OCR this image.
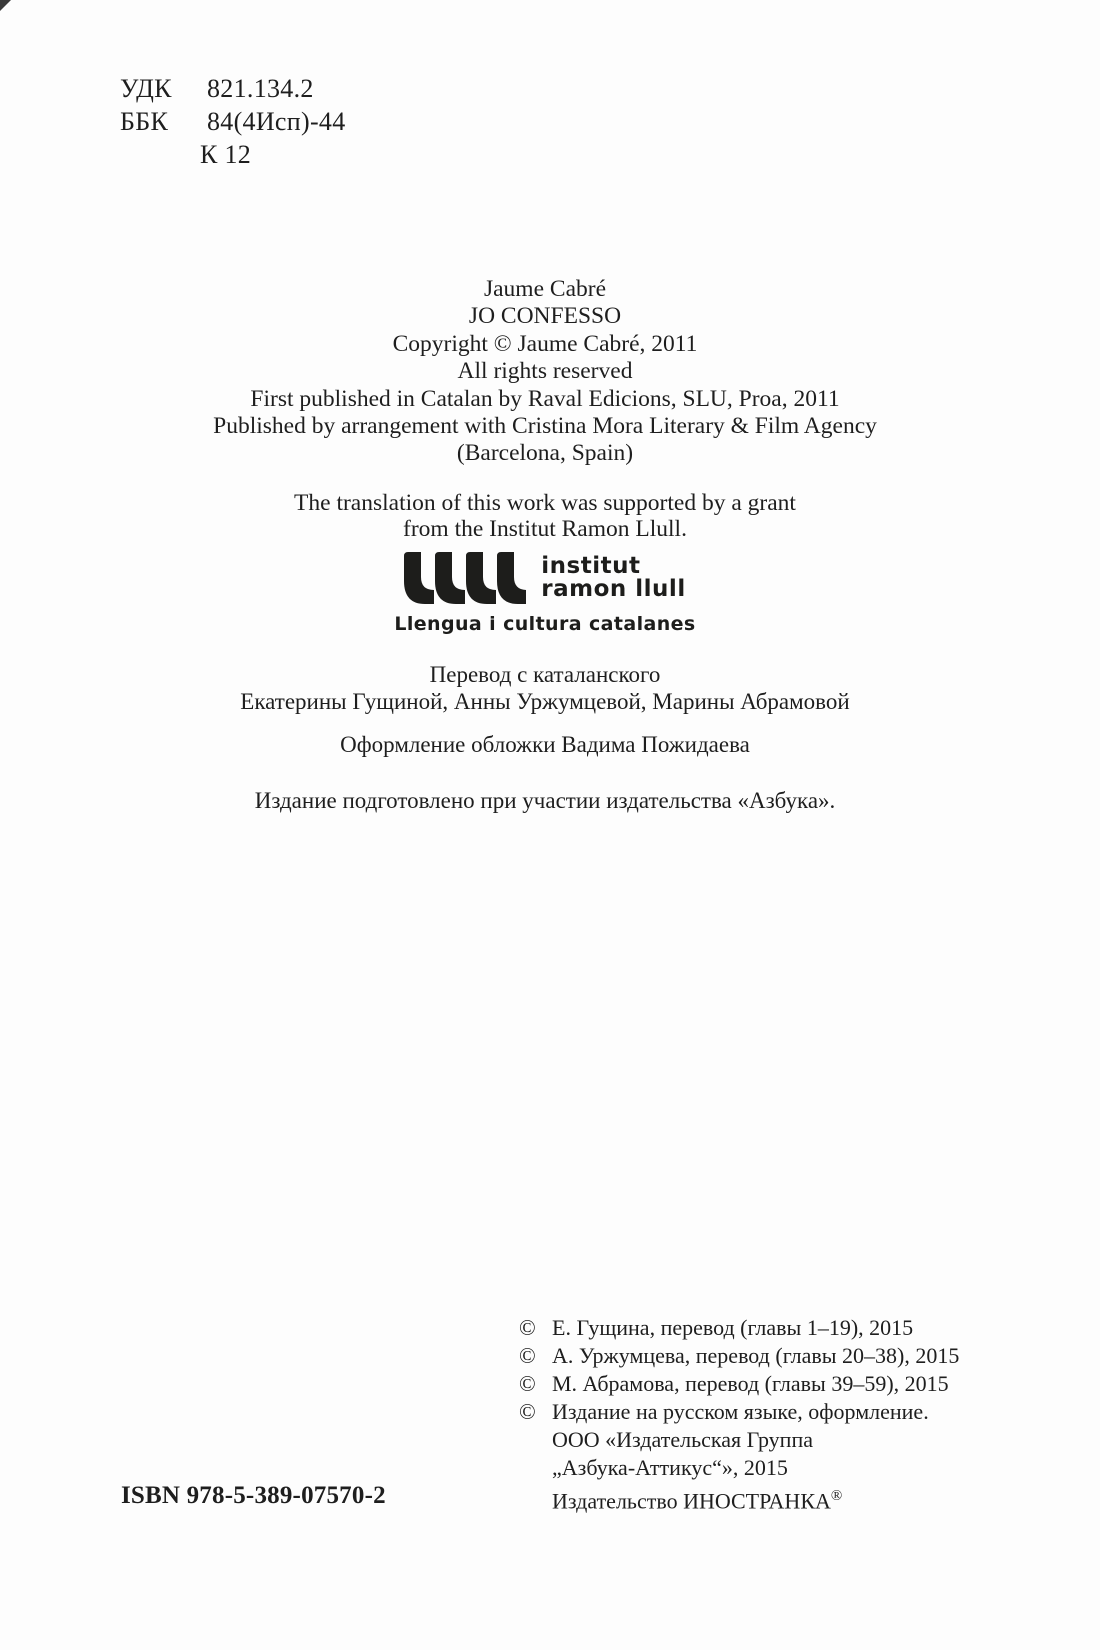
УДК	821.134.2
ББК	84(4Исп)-44
К 12
Jaume Cabré
JO CONFESSO
Copyright © Jaume Cabré, 2011
All rights reserved
First published in Catalan by Raval Edicions, SLU, Proa, 2011
Published by arrangement with Cristina Mora Literary & Film Agency
(Barcelona, Spain)
The translation of this work was supported by a grant
from the Institut Ramon Llull.
institut
ramon llull
Llengua i cultura catalanes
Перевод с каталанского
Екатерины Гущиной, Анны Уржумцевой, Марины Абрамовой
Оформление обложки Вадима Пожидаева
Издание подготовлено при участии издательства «Азбука».
© Е. Гущина, перевод (главы 1–19), 2015
© А. Уржумцева, перевод (главы 20–38), 2015
© М. Абрамова, перевод (главы 39–59), 2015
© Издание на русском языке, оформление.
ООО «Издательская Группа
„Азбука-Аттикус“», 2015
Издательство ИНОСТРАНКА®
ISBN 978-5-389-07570-2
